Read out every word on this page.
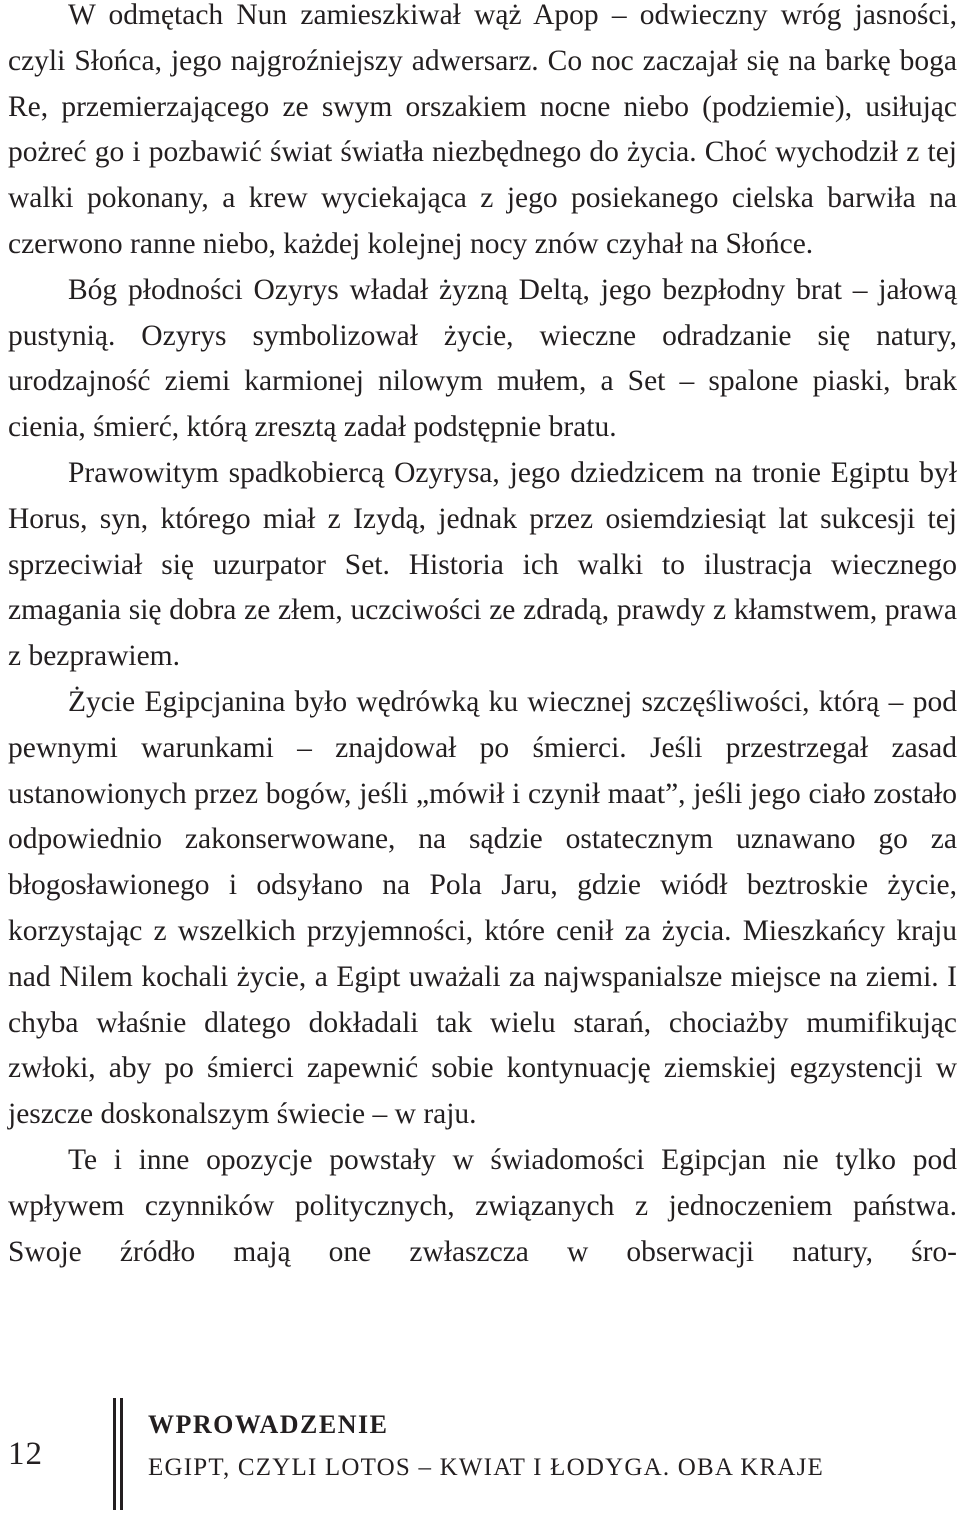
W odmętach Nun zamieszkiwał wąż Apop – odwieczny wróg jasności, czyli Słońca, jego najgroźniejszy adwersarz. Co noc zaczajał się na barkę boga Re, przemierzającego ze swym orszakiem nocne niebo (podziemie), usiłując pożreć go i pozbawić świat światła niezbędnego do życia. Choć wychodził z tej walki pokonany, a krew wyciekająca z jego posiekanego cielska barwiła na czerwono ranne niebo, każdej kolejnej nocy znów czyhał na Słońce.

Bóg płodności Ozyrys władał żyzną Deltą, jego bezpłodny brat – jałową pustynią. Ozyrys symbolizował życie, wieczne odradzanie się natury, urodzajność ziemi karmionej nilowym mułem, a Set – spalone piaski, brak cienia, śmierć, którą zresztą zadał podstępnie bratu.

Prawowitym spadkobiercą Ozyrysa, jego dziedzicem na tronie Egiptu był Horus, syn, którego miał z Izydą, jednak przez osiemdziesiąt lat sukcesji tej sprzeciwiał się uzurpator Set. Historia ich walki to ilustracja wiecznego zmagania się dobra ze złem, uczciwości ze zdradą, prawdy z kłamstwem, prawa z bezprawiem.

Życie Egipcjanina było wędrówką ku wiecznej szczęśliwości, którą – pod pewnymi warunkami – znajdował po śmierci. Jeśli przestrzegał zasad ustanowionych przez bogów, jeśli „mówił i czynił maat”, jeśli jego ciało zostało odpowiednio zakonserwowane, na sądzie ostatecznym uznawano go za błogosławionego i odsyłano na Pola Jaru, gdzie wiódł beztroskie życie, korzystając z wszelkich przyjemności, które cenił za życia. Mieszkańcy kraju nad Nilem kochali życie, a Egipt uważali za najwspanialsze miejsce na ziemi. I chyba właśnie dlatego dokładali tak wielu starań, chociażby mumifikując zwłoki, aby po śmierci zapewnić sobie kontynuację ziemskiej egzystencji w jeszcze doskonalszym świecie – w raju.

Te i inne opozycje powstały w świadomości Egipcjan nie tylko pod wpływem czynników politycznych, związanych z jednoczeniem państwa. Swoje źródło mają one zwłaszcza w obserwacji natury, śro-

12
WPROWADZENIE
EGIPT, CZYLI LOTOS – KWIAT I ŁODYGA. OBA KRAJE
